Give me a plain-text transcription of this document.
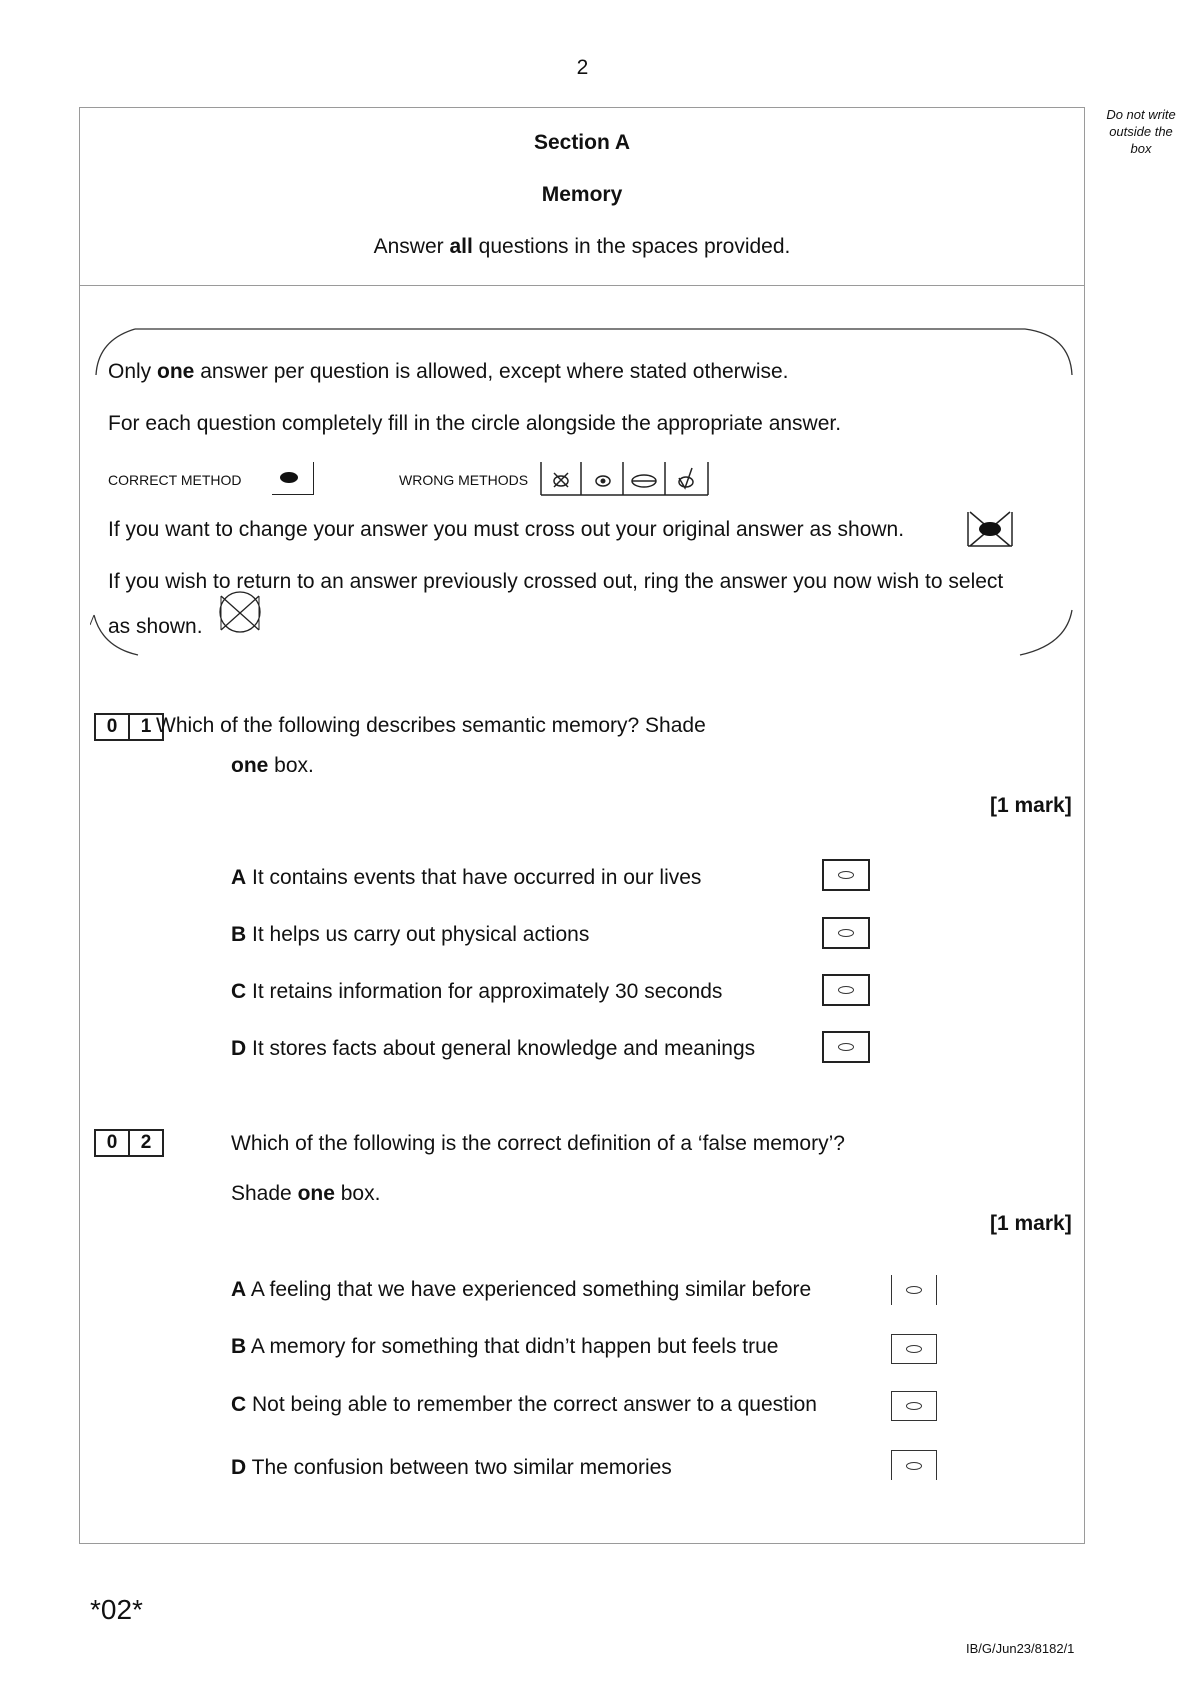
2
Do not write
outside the
box
Section A
Memory
Answer all questions in the spaces provided.
Only one answer per question is allowed, except where stated otherwise.
For each question completely fill in the circle alongside the appropriate answer.
CORRECT METHOD	WRONG METHODS
If you want to change your answer you must cross out your original answer as shown.
If you wish to return to an answer previously crossed out, ring the answer you now wish to select
as shown.
0	1 Which of the following describes semantic memory? Shade
one box.
[1 mark]
A It contains events that have occurred in our lives
B It helps us carry out physical actions
C It retains information for approximately 30 seconds
D It stores facts about general knowledge and meanings
0	2	Which of the following is the correct definition of a ‘false memory’?
Shade one box.
[1 mark]
A A feeling that we have experienced something similar before
B A memory for something that didn’t happen but feels true
C Not being able to remember the correct answer to a question
D The confusion between two similar memories
*02*
IB/G/Jun23/8182/1
